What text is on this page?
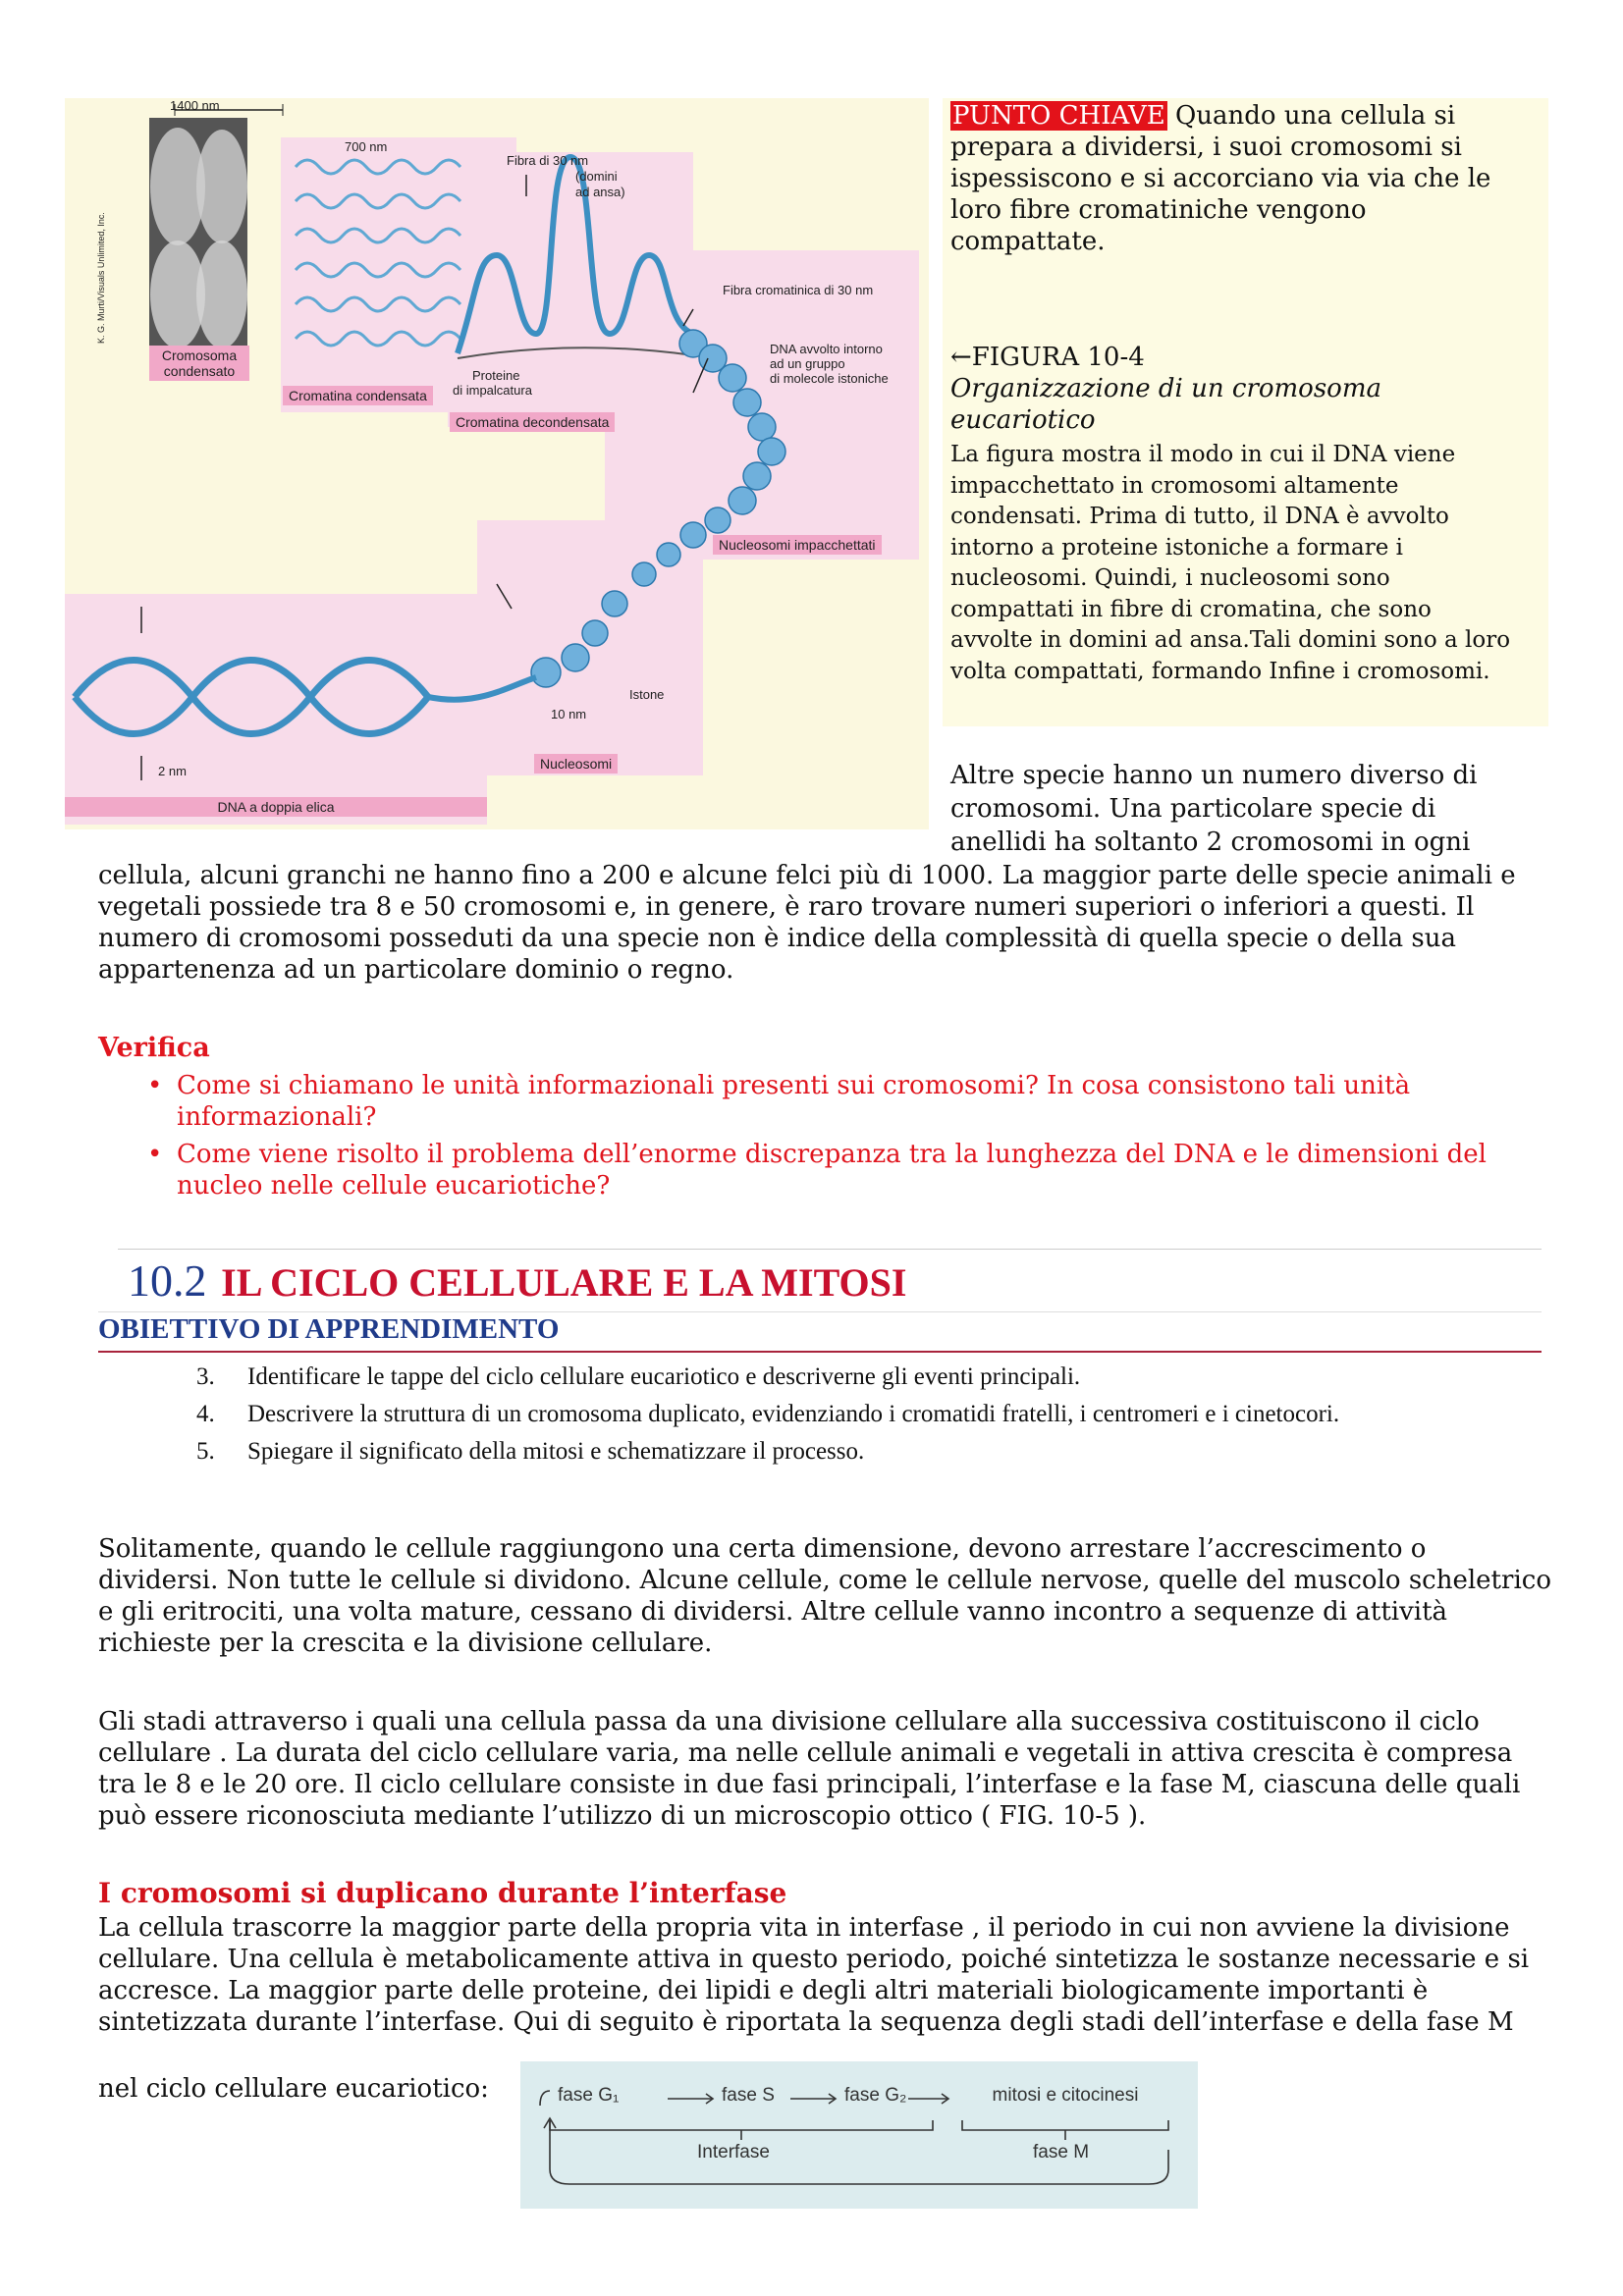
1400 nm
700 nm
Fibra di 30 nm
(domini
ad ansa)
Fibra cromatinica di 30 nm
DNA avvolto intorno
ad un gruppo
di molecole istoniche
Proteine
di impalcatura
Istone
10 nm
2 nm
K. G. Murti/Visuals Unlimited, Inc.
Cromosoma
condensato
Cromatina condensata
Cromatina decondensata
Nucleosomi impacchettati
Nucleosomi
DNA a doppia elica
PUNTO CHIAVE Quando una cellula si prepara a dividersi, i suoi cromosomi si ispessiscono e si accorciano via via che le loro fibre cromatiniche vengono compattate.
←FIGURA 10-4
Organizzazione di un cromosoma
eucariotico
La figura mostra il modo in cui il DNA viene impacchettato in cromosomi altamente condensati. Prima di tutto, il DNA è avvolto intorno a proteine istoniche a formare i nucleosomi. Quindi, i nucleosomi sono compattati in fibre di cromatina, che sono avvolte in domini ad ansa.Tali domini sono a loro volta compattati, formando Infine i cromosomi.
Altre specie hanno un numero diverso di
cromosomi. Una particolare specie di
anellidi ha soltanto 2 cromosomi in ogni
cellula, alcuni granchi ne hanno fino a 200 e alcune felci più di 1000. La maggior parte delle specie animali e vegetali possiede tra 8 e 50 cromosomi e, in genere, è raro trovare numeri superiori o inferiori a questi. Il numero di cromosomi posseduti da una specie non è indice della complessità di quella specie o della sua appartenenza ad un particolare dominio o regno.
Verifica
• Come si chiamano le unità informazionali presenti sui cromosomi? In cosa consistono tali unità informazionali?
• Come viene risolto il problema dell’enorme discrepanza tra la lunghezza del DNA e le dimensioni del nucleo nelle cellule eucariotiche?
10.2 IL CICLO CELLULARE E LA MITOSI
OBIETTIVO DI APPRENDIMENTO
3. Identificare le tappe del ciclo cellulare eucariotico e descriverne gli eventi principali.
4. Descrivere la struttura di un cromosoma duplicato, evidenziando i cromatidi fratelli, i centromeri e i cinetocori.
5. Spiegare il significato della mitosi e schematizzare il processo.
Solitamente, quando le cellule raggiungono una certa dimensione, devono arrestare l’accrescimento o dividersi. Non tutte le cellule si dividono. Alcune cellule, come le cellule nervose, quelle del muscolo scheletrico e gli eritrociti, una volta mature, cessano di dividersi. Altre cellule vanno incontro a sequenze di attività richieste per la crescita e la divisione cellulare.
Gli stadi attraverso i quali una cellula passa da una divisione cellulare alla successiva costituiscono il ciclo cellulare . La durata del ciclo cellulare varia, ma nelle cellule animali e vegetali in attiva crescita è compresa tra le 8 e le 20 ore. Il ciclo cellulare consiste in due fasi principali, l’interfase e la fase M, ciascuna delle quali può essere riconosciuta mediante l’utilizzo di un microscopio ottico ( FIG. 10-5 ).
I cromosomi si duplicano durante l’interfase
La cellula trascorre la maggior parte della propria vita in interfase , il periodo in cui non avviene la divisione cellulare. Una cellula è metabolicamente attiva in questo periodo, poiché sintetizza le sostanze necessarie e si accresce. La maggior parte delle proteine, dei lipidi e degli altri materiali biologicamente importanti è sintetizzata durante l’interfase. Qui di seguito è riportata la sequenza degli stadi dell’interfase e della fase M
nel ciclo cellulare eucariotico:	fase G₁	fase S	fase G₂	mitosi e citocinesi
Interfase	fase M
